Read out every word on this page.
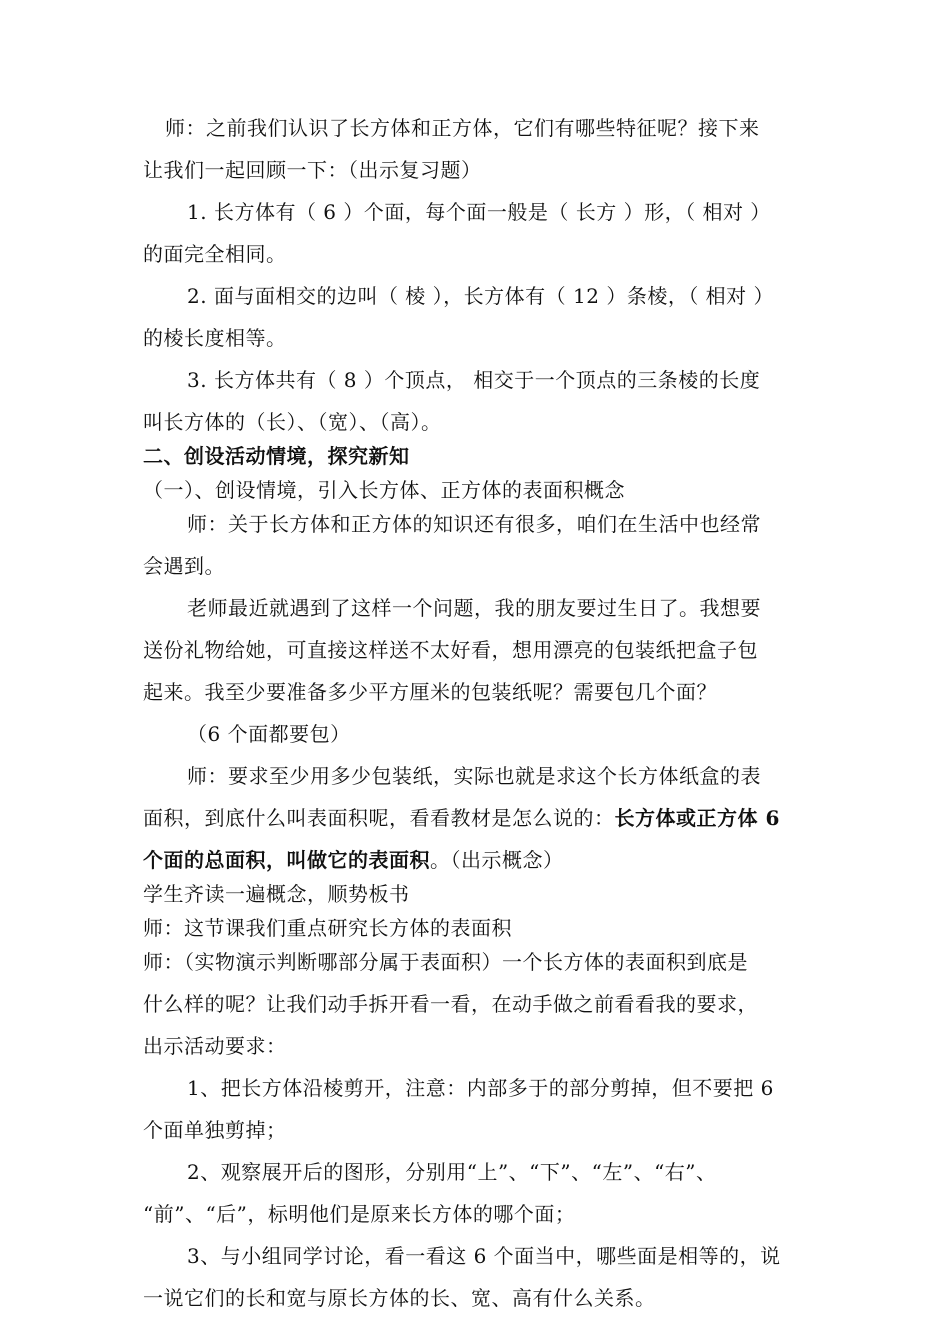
师：之前我们认识了长方体和正方体，它们有哪些特征呢？接下来

让我们一起回顾一下：（出示复习题）

1. 长方体有（ 6 ）个面，每个面一般是（ 长方 ）形，（ 相对 ）

的面完全相同。

2. 面与面相交的边叫（ 棱 ），长方体有（ 12 ）条棱，（ 相对 ）

的棱长度相等。

3. 长方体共有（ 8 ）个顶点， 相交于一个顶点的三条棱的长度

叫长方体的（长）、（宽）、（高）。

二、创设活动情境，探究新知

（一）、创设情境，引入长方体、正方体的表面积概念

师：关于长方体和正方体的知识还有很多，咱们在生活中也经常

会遇到。

老师最近就遇到了这样一个问题，我的朋友要过生日了。我想要

送份礼物给她，可直接这样送不太好看，想用漂亮的包装纸把盒子包

起来。我至少要准备多少平方厘米的包装纸呢？需要包几个面？

（6 个面都要包）

师：要求至少用多少包装纸，实际也就是求这个长方体纸盒的表

面积，到底什么叫表面积呢，看看教材是怎么说的：长方体或正方体 6

个面的总面积，叫做它的表面积。（出示概念）

学生齐读一遍概念，顺势板书

师：这节课我们重点研究长方体的表面积

师：（实物演示判断哪部分属于表面积）一个长方体的表面积到底是

什么样的呢？让我们动手拆开看一看，在动手做之前看看我的要求，

出示活动要求：

1、把长方体沿棱剪开，注意：内部多于的部分剪掉，但不要把 6

个面单独剪掉；

2、观察展开后的图形，分别用“上”、“下”、“左”、“右”、

“前”、“后”，标明他们是原来长方体的哪个面；

3、与小组同学讨论，看一看这 6 个面当中，哪些面是相等的，说

一说它们的长和宽与原长方体的长、宽、高有什么关系。
